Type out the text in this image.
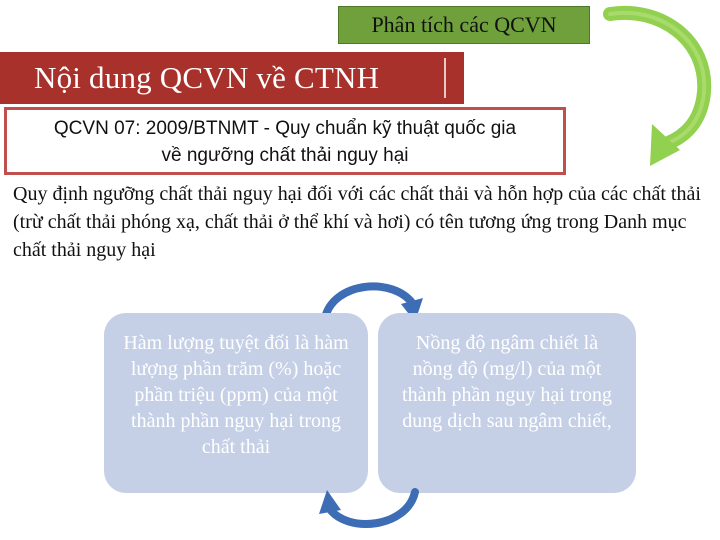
Phân tích các QCVN
Nội dung QCVN về CTNH
QCVN 07: 2009/BTNMT - Quy chuẩn kỹ thuật quốc gia
về ngưỡng chất thải nguy hại
Quy định ngưỡng chất thải nguy hại đối với các chất thải và hỗn hợp của các chất thải (trừ chất thải phóng xạ, chất thải ở thể khí và hơi) có tên tương ứng trong Danh mục chất thải nguy hại
Hàm lượng tuyệt đối là hàm lượng phần trăm (%) hoặc phần triệu (ppm) của một thành phần nguy hại trong chất thải
Nồng độ ngâm chiết là nồng độ (mg/l) của một thành phần nguy hại trong dung dịch sau ngâm chiết,
